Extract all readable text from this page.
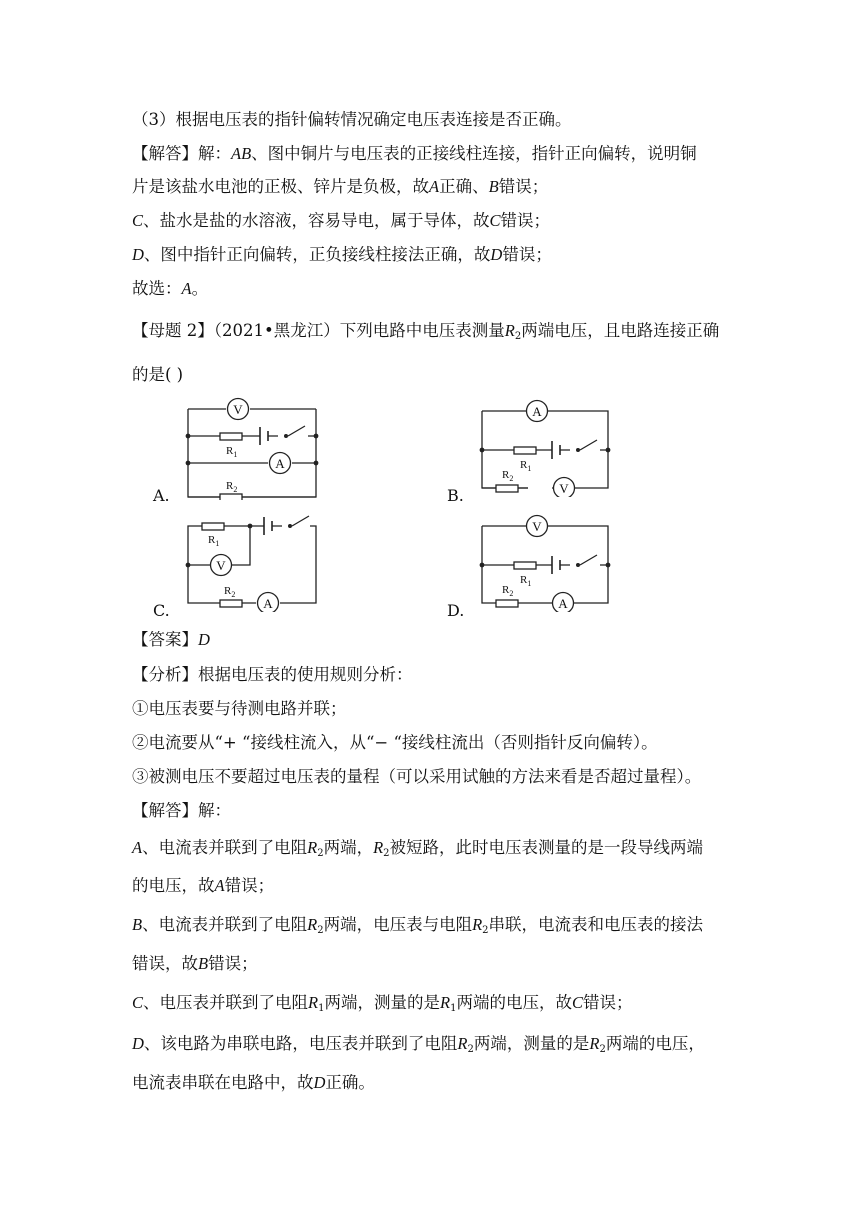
（3）根据电压表的指针偏转情况确定电压表连接是否正确。
【解答】解：AB、图中铜片与电压表的正接线柱连接，指针正向偏转，说明铜
片是该盐水电池的正极、锌片是负极，故A正确、B错误；
C、盐水是盐的水溶液，容易导电，属于导体，故C错误；
D、图中指针正向偏转，正负接线柱接法正确，故D错误；
故选：A。
【母题 2】（2021•黑龙江）下列电路中电压表测量$R_2$两端电压，且电路连接正确
的是( )
A.	B.
C.	D.
V
A
$R_1$
$R_2$
A
V
$R_1$
$R_2$
V
A
$R_1$
$R_2$
V
A
$R_1$
$R_2$
【答案】D
【分析】根据电压表的使用规则分析：
①电压表要与待测电路并联；
②电流要从“+ “接线柱流入，从“− “接线柱流出（否则指针反向偏转）。
③被测电压不要超过电压表的量程（可以采用试触的方法来看是否超过量程）。
【解答】解：
A、电流表并联到了电阻$R_2$两端，$R_2$被短路，此时电压表测量的是一段导线两端
的电压，故A错误；
B、电流表并联到了电阻$R_2$两端，电压表与电阻$R_2$串联，电流表和电压表的接法
错误，故B错误；
C、电压表并联到了电阻$R_1$两端，测量的是$R_1$两端的电压，故C错误；
D、该电路为串联电路，电压表并联到了电阻$R_2$两端，测量的是$R_2$两端的电压，
电流表串联在电路中，故D正确。
